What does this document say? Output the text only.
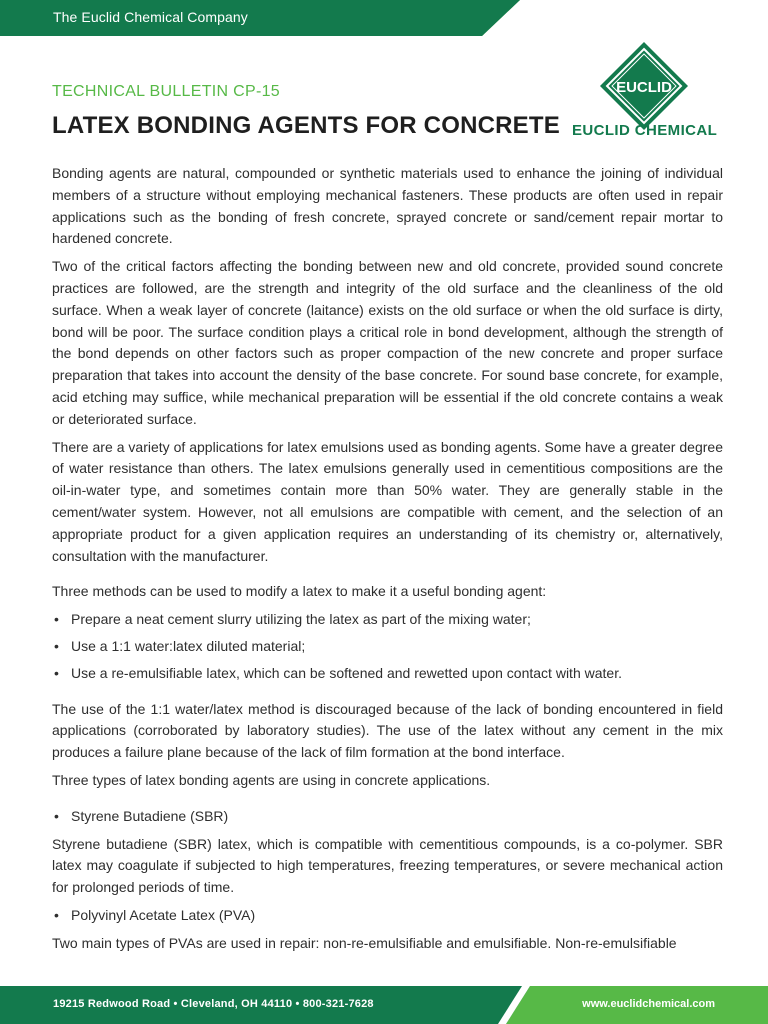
The Euclid Chemical Company
EUCLID
EUCLID CHEMICAL
TECHNICAL BULLETIN CP-15
LATEX BONDING AGENTS FOR CONCRETE

Bonding agents are natural, compounded or synthetic materials used to enhance the joining of individual members of a structure without employing mechanical fasteners. These products are often used in repair applications such as the bonding of fresh concrete, sprayed concrete or sand/cement repair mortar to hardened concrete.

Two of the critical factors affecting the bonding between new and old concrete, provided sound concrete practices are followed, are the strength and integrity of the old surface and the cleanliness of the old surface. When a weak layer of concrete (laitance) exists on the old surface or when the old surface is dirty, bond will be poor. The surface condition plays a critical role in bond development, although the strength of the bond depends on other factors such as proper compaction of the new concrete and proper surface preparation that takes into account the density of the base concrete. For sound base concrete, for example, acid etching may suffice, while mechanical preparation will be essential if the old concrete contains a weak or deteriorated surface.

There are a variety of applications for latex emulsions used as bonding agents. Some have a greater degree of water resistance than others. The latex emulsions generally used in cementitious compositions are the oil-in-water type, and sometimes contain more than 50% water. They are generally stable in the cement/water system. However, not all emulsions are compatible with cement, and the selection of an appropriate product for a given application requires an understanding of its chemistry or, alternatively, consultation with the manufacturer.

Three methods can be used to modify a latex to make it a useful bonding agent:

• Prepare a neat cement slurry utilizing the latex as part of the mixing water;
• Use a 1:1 water:latex diluted material;
• Use a re-emulsifiable latex, which can be softened and rewetted upon contact with water.

The use of the 1:1 water/latex method is discouraged because of the lack of bonding encountered in field applications (corroborated by laboratory studies). The use of the latex without any cement in the mix produces a failure plane because of the lack of film formation at the bond interface.

Three types of latex bonding agents are using in concrete applications.

• Styrene Butadiene (SBR)

Styrene butadiene (SBR) latex, which is compatible with cementitious compounds, is a co-polymer. SBR latex may coagulate if subjected to high temperatures, freezing temperatures, or severe mechanical action for prolonged periods of time.

• Polyvinyl Acetate Latex (PVA)

Two main types of PVAs are used in repair: non-re-emulsifiable and emulsifiable. Non-re-emulsifiable

19215 Redwood Road • Cleveland, OH 44110 • 800-321-7628	www.euclidchemical.com
